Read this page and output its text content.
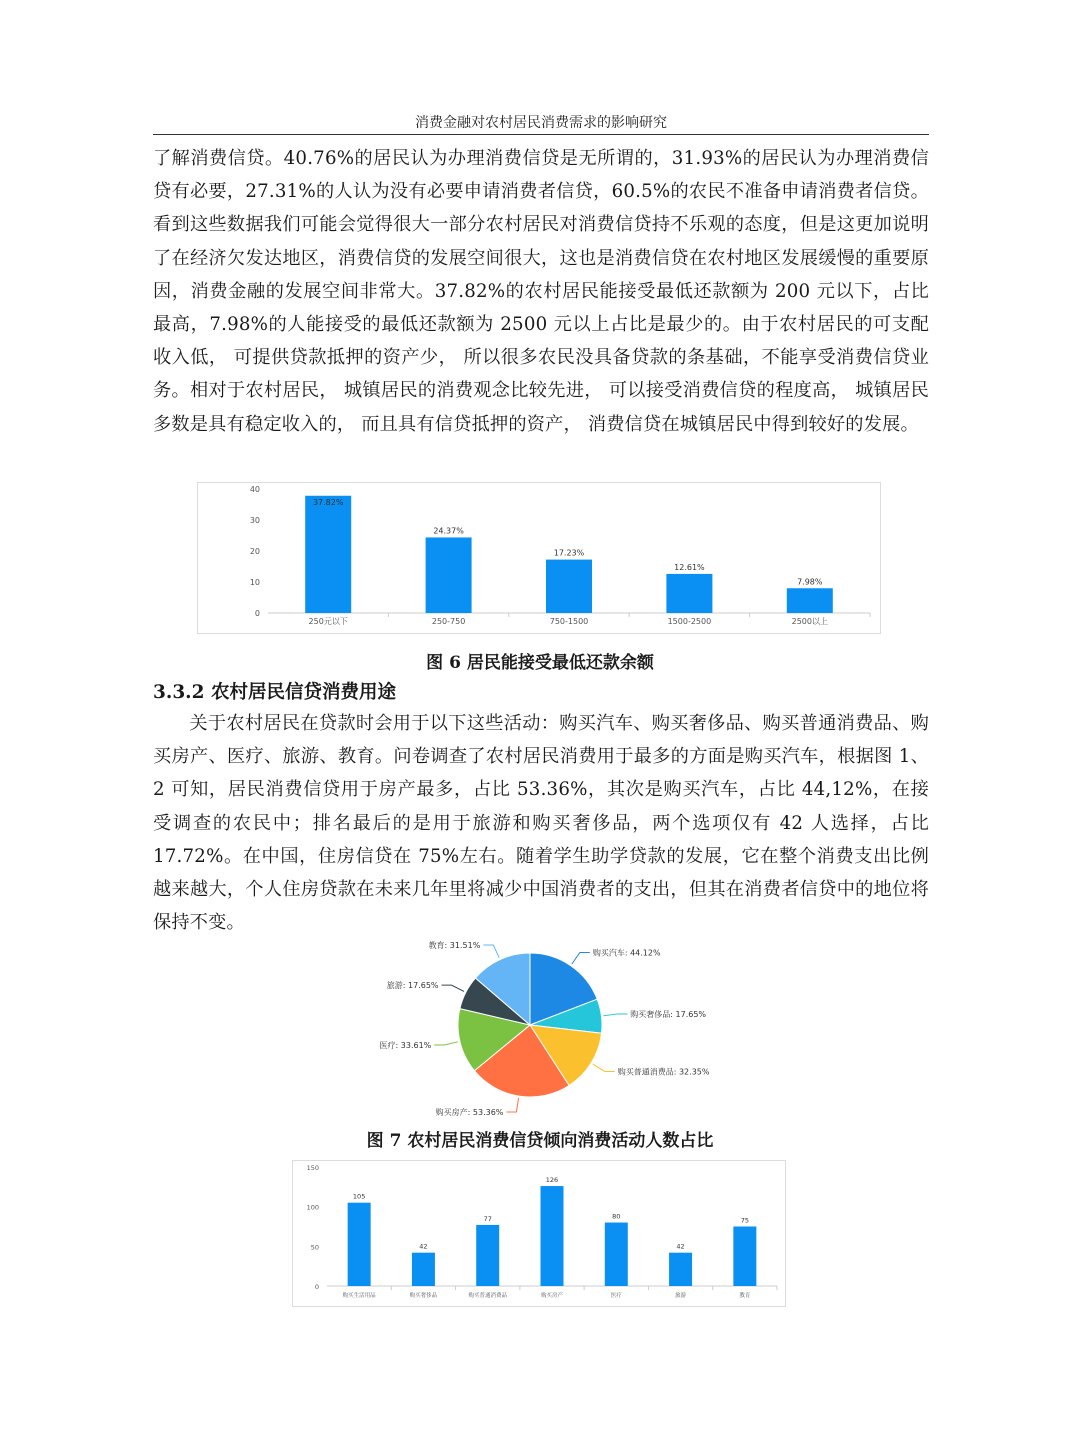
消费金融对农村居民消费需求的影响研究

了解消费信贷。40.76%的居民认为办理消费信贷是无所谓的，31.93%的居民认为办理消费信贷有必要，27.31%的人认为没有必要申请消费者信贷，60.5%的农民不准备申请消费者信贷。看到这些数据我们可能会觉得很大一部分农村居民对消费信贷持不乐观的态度，但是这更加说明了在经济欠发达地区，消费信贷的发展空间很大，这也是消费信贷在农村地区发展缓慢的重要原因，消费金融的发展空间非常大。37.82%的农村居民能接受最低还款额为 200 元以下，占比最高，7.98%的人能接受的最低还款额为 2500 元以上占比是最少的。由于农村居民的可支配收入低， 可提供贷款抵押的资产少， 所以很多农民没具备贷款的条基础，不能享受消费信贷业务。相对于农村居民， 城镇居民的消费观念比较先进， 可以接受消费信贷的程度高， 城镇居民多数是具有稳定收入的， 而且具有信贷抵押的资产， 消费信贷在城镇居民中得到较好的发展。

0
10
20
30
40
37.82%
250元以下
24.37%
250-750
17.23%
750-1500
12.61%
1500-2500
7.98%
2500以上
图 6 居民能接受最低还款余额
3.3.2 农村居民信贷消费用途

关于农村居民在贷款时会用于以下这些活动：购买汽车、购买奢侈品、购买普通消费品、购买房产、医疗、旅游、教育。问卷调查了农村居民消费用于最多的方面是购买汽车，根据图 1、2 可知，居民消费信贷用于房产最多，占比 53.36%，其次是购买汽车，占比 44,12%，在接受调查的农民中；排名最后的是用于旅游和购买奢侈品，两个选项仅有 42 人选择，占比 17.72%。在中国，住房信贷在 75%左右。随着学生助学贷款的发展，它在整个消费支出比例越来越大，个人住房贷款在未来几年里将减少中国消费者的支出，但其在消费者信贷中的地位将保持不变。

购买汽车: 44.12%
购买奢侈品: 17.65%
购买普通消费品: 32.35%
购买房产: 53.36%
医疗: 33.61%
旅游: 17.65%
教育: 31.51%
图 7 农村居民消费信贷倾向消费活动人数占比
0
50
100
150
105
购买生活用品
42
购买奢侈品
77
购买普通消费品
126
购买房产
80
医疗
42
旅游
75
教育
